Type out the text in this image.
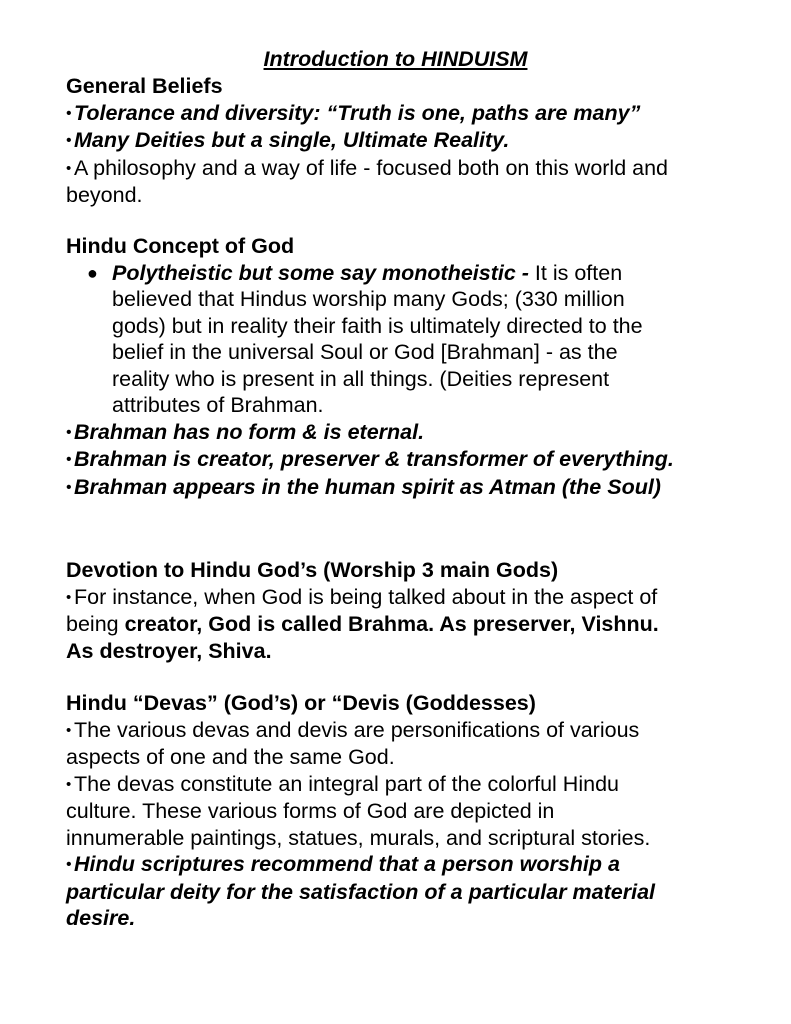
Introduction to HINDUISM
General Beliefs
• Tolerance and diversity: “Truth is one, paths are many”
• Many Deities but a single, Ultimate Reality.
• A philosophy and a way of life - focused both on this world and
beyond.
Hindu Concept of God
● Polytheistic but some say monotheistic - It is often
believed that Hindus worship many Gods; (330 million
gods) but in reality their faith is ultimately directed to the
belief in the universal Soul or God [Brahman] - as the
reality who is present in all things. (Deities represent
attributes of Brahman.
• Brahman has no form & is eternal.
• Brahman is creator, preserver & transformer of everything.
• Brahman appears in the human spirit as Atman (the Soul)
Devotion to Hindu God’s (Worship 3 main Gods)
• For instance, when God is being talked about in the aspect of
being creator, God is called Brahma. As preserver, Vishnu.
As destroyer, Shiva.
Hindu “Devas” (God’s) or “Devis (Goddesses)
• The various devas and devis are personifications of various
aspects of one and the same God.
• The devas constitute an integral part of the colorful Hindu
culture. These various forms of God are depicted in
innumerable paintings, statues, murals, and scriptural stories.
• Hindu scriptures recommend that a person worship a
particular deity for the satisfaction of a particular material
desire.
